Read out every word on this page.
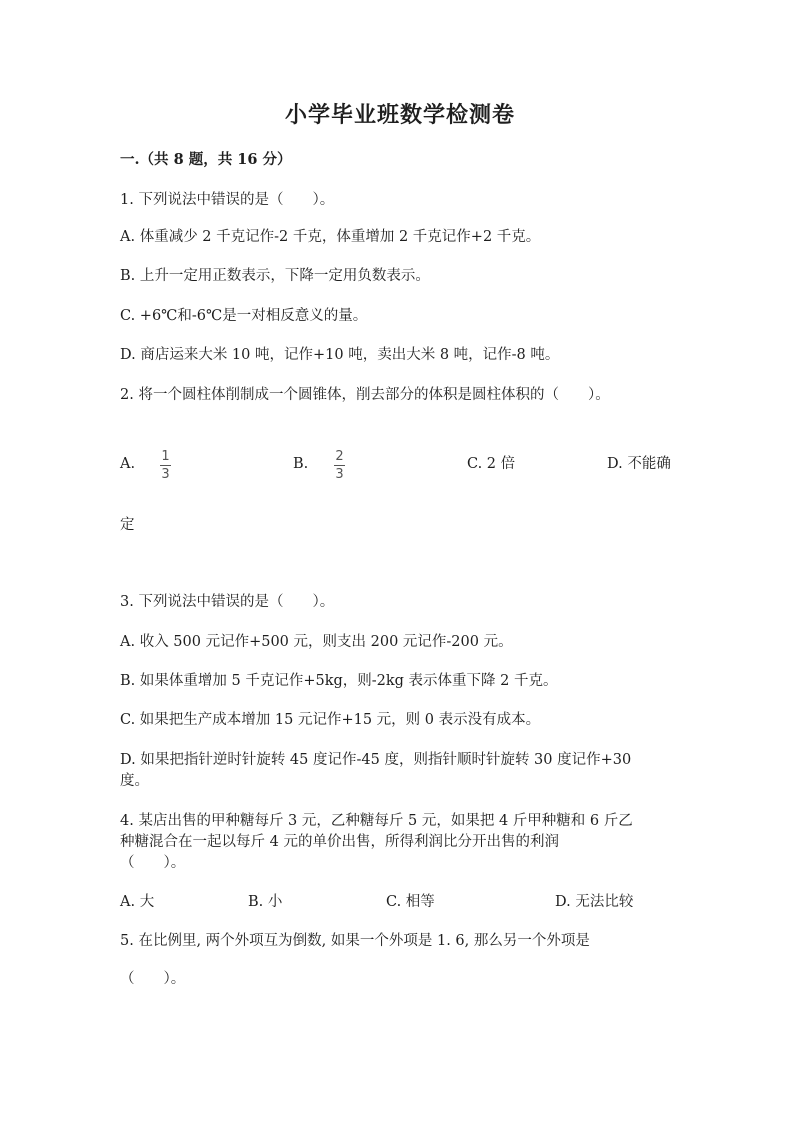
小学毕业班数学检测卷
一.（共 8 题，共 16 分）
1. 下列说法中错误的是（　　）。
A. 体重减少 2 千克记作-2 千克，体重增加 2 千克记作+2 千克。
B. 上升一定用正数表示，下降一定用负数表示。
C. +6℃和-6℃是一对相反意义的量。
D. 商店运来大米 10 吨，记作+10 吨，卖出大米 8 吨，记作-8 吨。
2. 将一个圆柱体削制成一个圆锥体，削去部分的体积是圆柱体积的（　　）。
A. 1
3
B. 2
3
C. 2 倍	D. 不能确
定
3. 下列说法中错误的是（　　）。
A. 收入 500 元记作+500 元，则支出 200 元记作-200 元。
B. 如果体重增加 5 千克记作+5kg，则-2kg 表示体重下降 2 千克。
C. 如果把生产成本增加 15 元记作+15 元，则 0 表示没有成本。
D. 如果把指针逆时针旋转 45 度记作-45 度，则指针顺时针旋转 30 度记作+30
度。
4. 某店出售的甲种糖每斤 3 元，乙种糖每斤 5 元，如果把 4 斤甲种糖和 6 斤乙
种糖混合在一起以每斤 4 元的单价出售，所得利润比分开出售的利润
（　　）。
A. 大	B. 小	C. 相等	D. 无法比较
5. 在比例里, 两个外项互为倒数, 如果一个外项是 1. 6, 那么另一个外项是
（　　）。
